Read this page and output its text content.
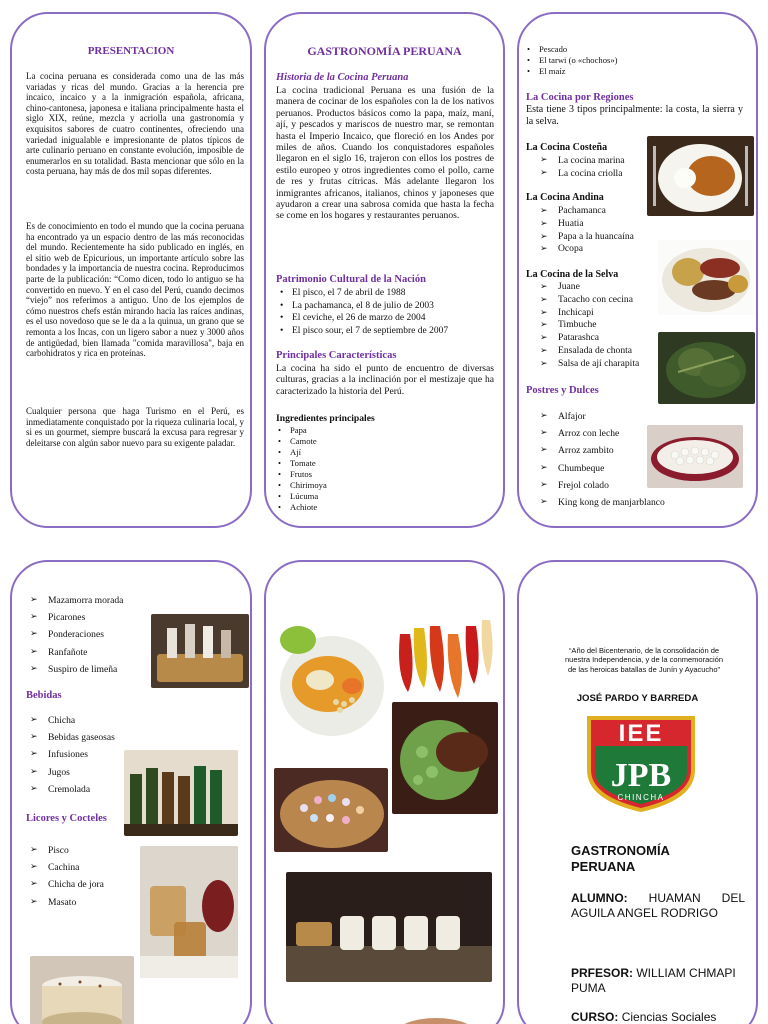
PRESENTACION
La cocina peruana es considerada como una de las más variadas y ricas del mundo. Gracias a la herencia pre incaico, incaico y a la inmigración española, africana, chino-cantonesa, japonesa e italiana principalmente hasta el siglo XIX, reúne, mezcla y acriolla una gastronomía y exquisitos sabores de cuatro continentes, ofreciendo una variedad inigualable e impresionante de platos típicos de arte culinario peruano en constante evolución, imposible de enumerarlos en su totalidad. Basta mencionar que sólo en la costa peruana, hay más de dos mil sopas diferentes.
Es de conocimiento en todo el mundo que la cocina peruana ha encontrado ya un espacio dentro de las más reconocidas del mundo. Recientemente ha sido publicado en inglés, en el sitio web de Epicurious, un importante artículo sobre las bondades y la importancia de nuestra cocina. Reproducimos parte de la publicación: “Como dicen, todo lo antiguo se ha convertido en nuevo. Y en el caso del Perú, cuando decimos “viejo” nos referimos a antiguo. Uno de los ejemplos de cómo nuestros chefs están mirando hacia las raíces andinas, es el uso novedoso que se le da a la quinua, un grano que se remonta a los Incas, con un ligero sabor a nuez y 3000 años de antigüedad, bien llamada "comida maravillosa", baja en carbohidratos y rica en proteínas.
Cualquier persona que haga Turismo en el Perú, es inmediatamente conquistado por la riqueza culinaria local, y si es un gourmet, siempre buscará la excusa para regresar y deleitarse con algún sabor nuevo para su exigente paladar.
GASTRONOMÍA PERUANA
Historia de la Cocina Peruana
La cocina tradicional Peruana es una fusión de la manera de cocinar de los españoles con la de los nativos peruanos. Productos básicos como la papa, maíz, maní, ají, y pescados y mariscos de nuestro mar, se remontan hasta el Imperio Incaico, que floreció en los Andes por miles de años. Cuando los conquistadores españoles llegaron en el siglo 16, trajeron con ellos los postres de estilo europeo y otros ingredientes como el pollo, carne de res y frutas cítricas. Más adelante llegaron los inmigrantes africanos, italianos, chinos y japoneses que ayudaron a crear una sabrosa comida que hasta la fecha se come en los hogares y restaurantes peruanos.
Patrimonio Cultural de la Nación
• El pisco, el 7 de abril de 1988
• La pachamanca, el 8 de julio de 2003
• El ceviche, el 26 de marzo de 2004
• El pisco sour, el 7 de septiembre de 2007
Principales Características
La cocina ha sido el punto de encuentro de diversas culturas, gracias a la inclinación por el mestizaje que ha caracterizado la historia del Perú.
Ingredientes principales
• Papa
• Camote
• Ají
• Tomate
• Frutos
• Chirimoya
• Lúcuma
• Achiote
• Pescado
• El tarwi (o «chochos»)
• El maíz
La Cocina por Regiones
Esta tiene 3 tipos principalmente: la costa, la sierra y la selva.
La Cocina Costeña
➢ La cocina marina
➢ La cocina criolla
La Cocina Andina
➢ Pachamanca
➢ Huatia
➢ Papa a la huancaína
➢ Ocopa
La Cocina de la Selva
➢ Juane
➢ Tacacho con cecina
➢ Inchicapi
➢ Timbuche
➢ Patarashca
➢ Ensalada de chonta
➢ Salsa de ají charapita
Postres y Dulces
➢ Alfajor
➢ Arroz con leche
➢ Arroz zambito
➢ Chumbeque
➢ Frejol colado
➢ King kong de manjarblanco
➢ Mazamorra morada
➢ Picarones
➢ Ponderaciones
➢ Ranfañote
➢ Suspiro de limeña
Bebidas
➢ Chicha
➢ Bebidas gaseosas
➢ Infusiones
➢ Jugos
➢ Cremolada
Licores y Cocteles
➢ Pisco
➢ Cachina
➢ Chicha de jora
➢ Masato
“Año del Bicentenario, de la consolidación de nuestra Independencia, y de la conmemoración de las heroicas batallas de Junín y Ayacucho”
JOSÉ PARDO Y BARREDA
IEE
JPB
CHINCHA
GASTRONOMÍA PERUANA
ALUMNO: HUAMAN DEL AGUILA ANGEL RODRIGO
PRFESOR: WILLIAM CHMAPI PUMA
CURSO: Ciencias Sociales
